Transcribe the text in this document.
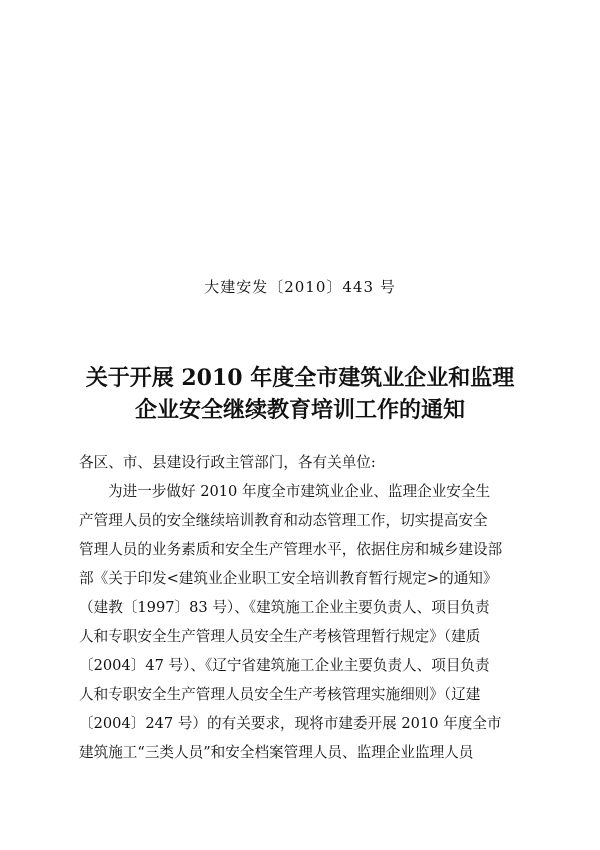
大建安发〔2010〕443 号
关于开展 2010 年度全市建筑业企业和监理
企业安全继续教育培训工作的通知
各区、市、县建设行政主管部门，各有关单位:
为进一步做好 2010 年度全市建筑业企业、监理企业安全生
产管理人员的安全继续培训教育和动态管理工作，切实提高安全
管理人员的业务素质和安全生产管理水平，依据住房和城乡建设部
部《关于印发<建筑业企业职工安全培训教育暂行规定>的通知》
（建教〔1997〕83 号）、《建筑施工企业主要负责人、项目负责
人和专职安全生产管理人员安全生产考核管理暂行规定》（建质
〔2004〕47 号）、《辽宁省建筑施工企业主要负责人、项目负责
人和专职安全生产管理人员安全生产考核管理实施细则》（辽建
〔2004〕247 号）的有关要求，现将市建委开展 2010 年度全市
建筑施工“三类人员”和安全档案管理人员、监理企业监理人员
